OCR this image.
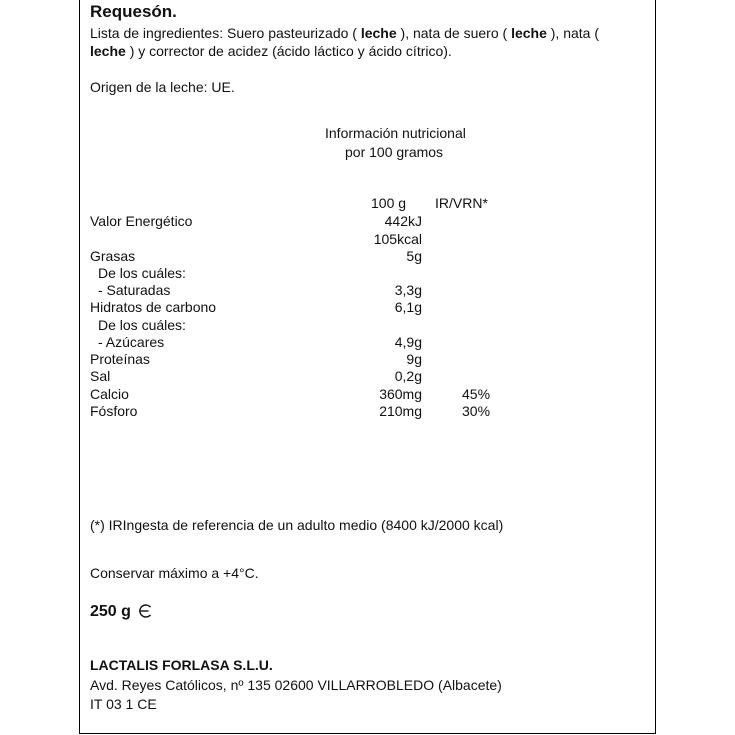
Requesón.
Lista de ingredientes: Suero pasteurizado ( leche ), nata de suero ( leche ), nata (
leche ) y corrector de acidez (ácido láctico y ácido cítrico).
Origen de la leche: UE.
Información nutricional
por 100 gramos
100 g IR/VRN*
Valor Energético	442kJ
105kcal
Grasas	5g
De los cuáles:
- Saturadas	3,3g
Hidratos de carbono	6,1g
De los cuáles:
- Azúcares	4,9g
Proteínas	9g
Sal	0,2g
Calcio	360mg	45%
Fósforo	210mg	30%
(*) IRIngesta de referencia de un adulto medio (8400 kJ/2000 kcal)
Conservar máximo a +4°C.
250 g
LACTALIS FORLASA S.L.U.
Avd. Reyes Católicos, nº 135 02600 VILLARROBLEDO (Albacete)
IT 03 1 CE
